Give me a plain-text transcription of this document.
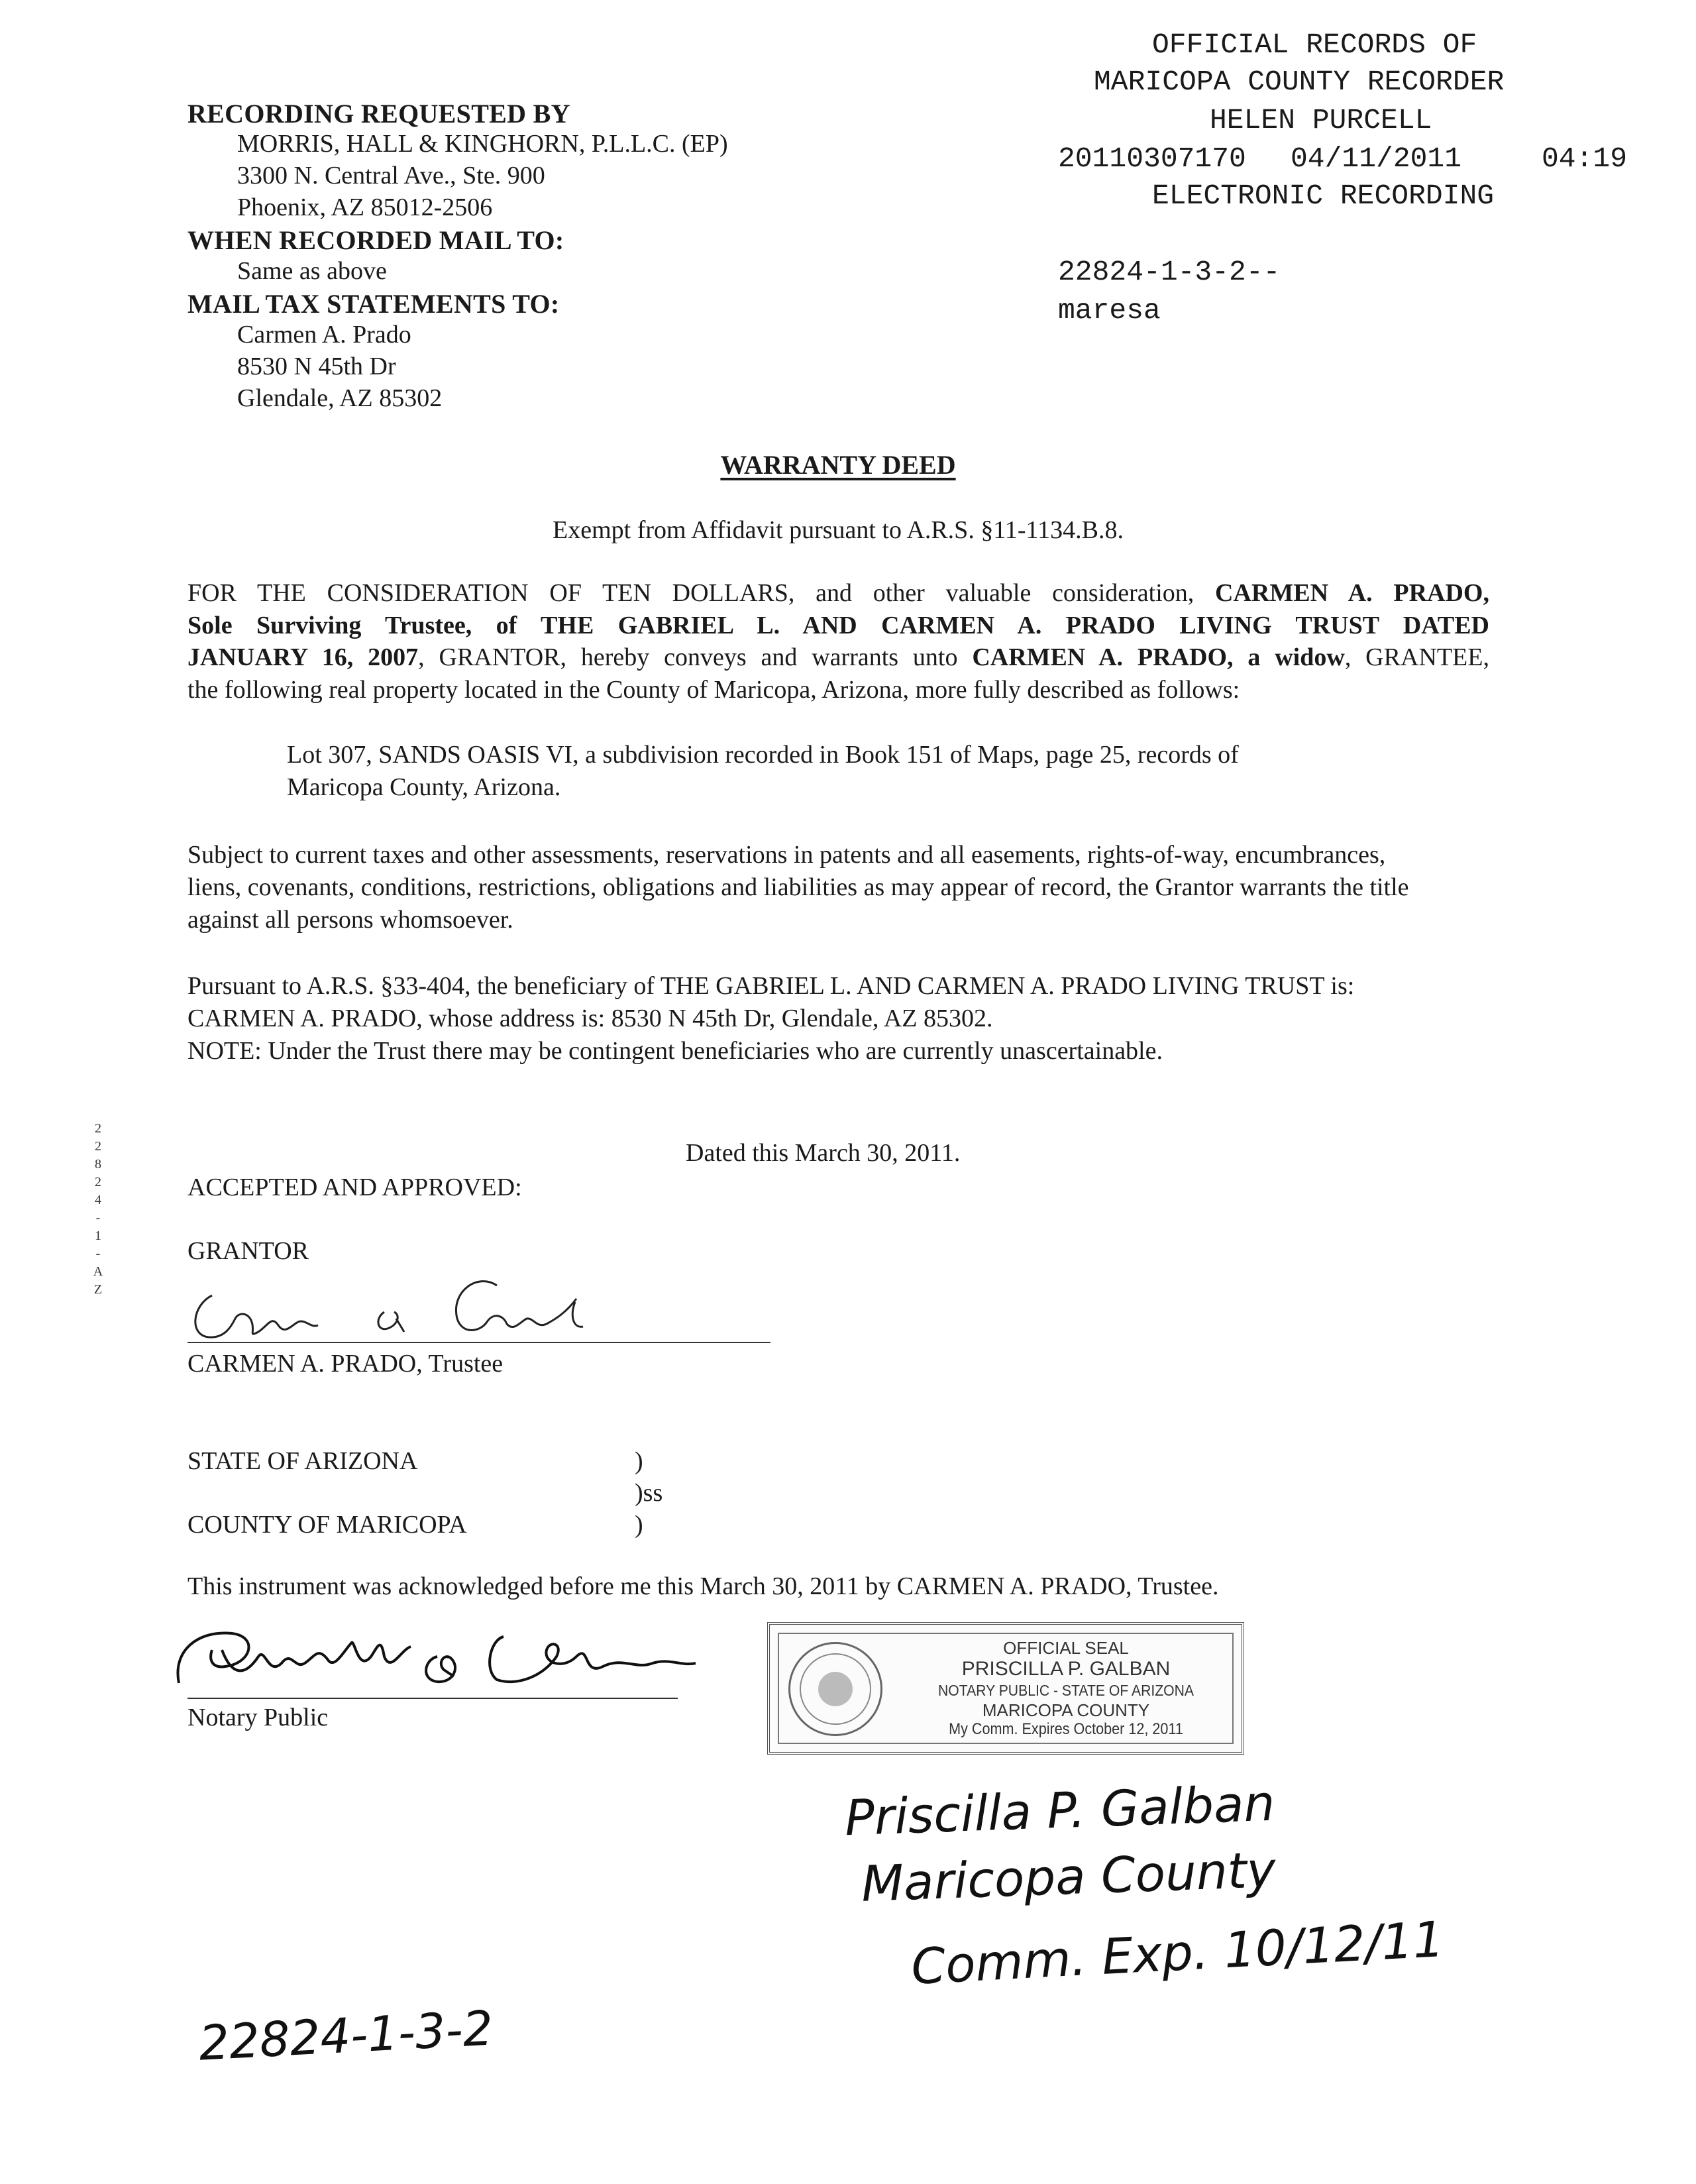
OFFICIAL RECORDS OF
MARICOPA COUNTY RECORDER
HELEN PURCELL
20110307170 04/11/2011	04:19
ELECTRONIC RECORDING
22824-1-3-2--
maresa
RECORDING REQUESTED BY
MORRIS, HALL & KINGHORN, P.L.L.C. (EP)
3300 N. Central Ave., Ste. 900
Phoenix, AZ 85012-2506
WHEN RECORDED MAIL TO:
Same as above
MAIL TAX STATEMENTS TO:
Carmen A. Prado
8530 N 45th Dr
Glendale, AZ 85302
WARRANTY DEED
Exempt from Affidavit pursuant to A.R.S. §11-1134.B.8.
FOR THE CONSIDERATION OF TEN DOLLARS, and other valuable consideration, CARMEN A. PRADO,
Sole Surviving Trustee, of THE GABRIEL L. AND CARMEN A. PRADO LIVING TRUST DATED
JANUARY 16, 2007, GRANTOR, hereby conveys and warrants unto CARMEN A. PRADO, a widow, GRANTEE,
the following real property located in the County of Maricopa, Arizona, more fully described as follows:
Lot 307, SANDS OASIS VI, a subdivision recorded in Book 151 of Maps, page 25, records of
Maricopa County, Arizona.
Subject to current taxes and other assessments, reservations in patents and all easements, rights-of-way, encumbrances,
liens, covenants, conditions, restrictions, obligations and liabilities as may appear of record, the Grantor warrants the title
against all persons whomsoever.
Pursuant to A.R.S. §33-404, the beneficiary of THE GABRIEL L. AND CARMEN A. PRADO LIVING TRUST is:
CARMEN A. PRADO, whose address is: 8530 N 45th Dr, Glendale, AZ 85302.
NOTE: Under the Trust there may be contingent beneficiaries who are currently unascertainable.
2
2
8
2
4
-
1
-
A
Z
Dated this March 30, 2011.
ACCEPTED AND APPROVED:
GRANTOR
CARMEN A. PRADO, Trustee
STATE OF ARIZONA	)
)ss
COUNTY OF MARICOPA	)
This instrument was acknowledged before me this March 30, 2011 by CARMEN A. PRADO, Trustee.
Notary Public
OFFICIAL SEAL
PRISCILLA P. GALBAN
NOTARY PUBLIC - STATE OF ARIZONA
MARICOPA COUNTY
My Comm. Expires October 12, 2011
Priscilla P. Galban
Maricopa County
Comm. Exp. 10/12/11
22824-1-3-2
